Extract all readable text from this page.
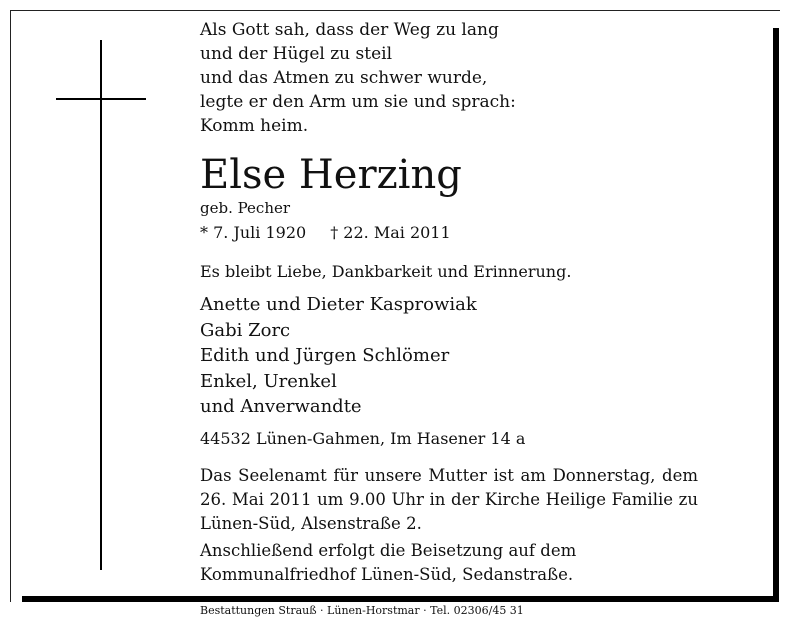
Als Gott sah, dass der Weg zu lang
und der Hügel zu steil
und das Atmen zu schwer wurde,
legte er den Arm um sie und sprach:
Komm heim.
Else Herzing
geb. Pecher
* 7. Juli 1920 † 22. Mai 2011
Es bleibt Liebe, Dankbarkeit und Erinnerung.
Anette und Dieter Kasprowiak
Gabi Zorc
Edith und Jürgen Schlömer
Enkel, Urenkel
und Anverwandte
44532 Lünen-Gahmen, Im Hasener 14 a
Das Seelenamt für unsere Mutter ist am Donnerstag, dem
26. Mai 2011 um 9.00 Uhr in der Kirche Heilige Familie zu
Lünen-Süd, Alsenstraße 2.
Anschließend erfolgt die Beisetzung auf dem
Kommunalfriedhof Lünen-Süd, Sedanstraße.
Bestattungen Strauß · Lünen-Horstmar · Tel. 02306/45 31
